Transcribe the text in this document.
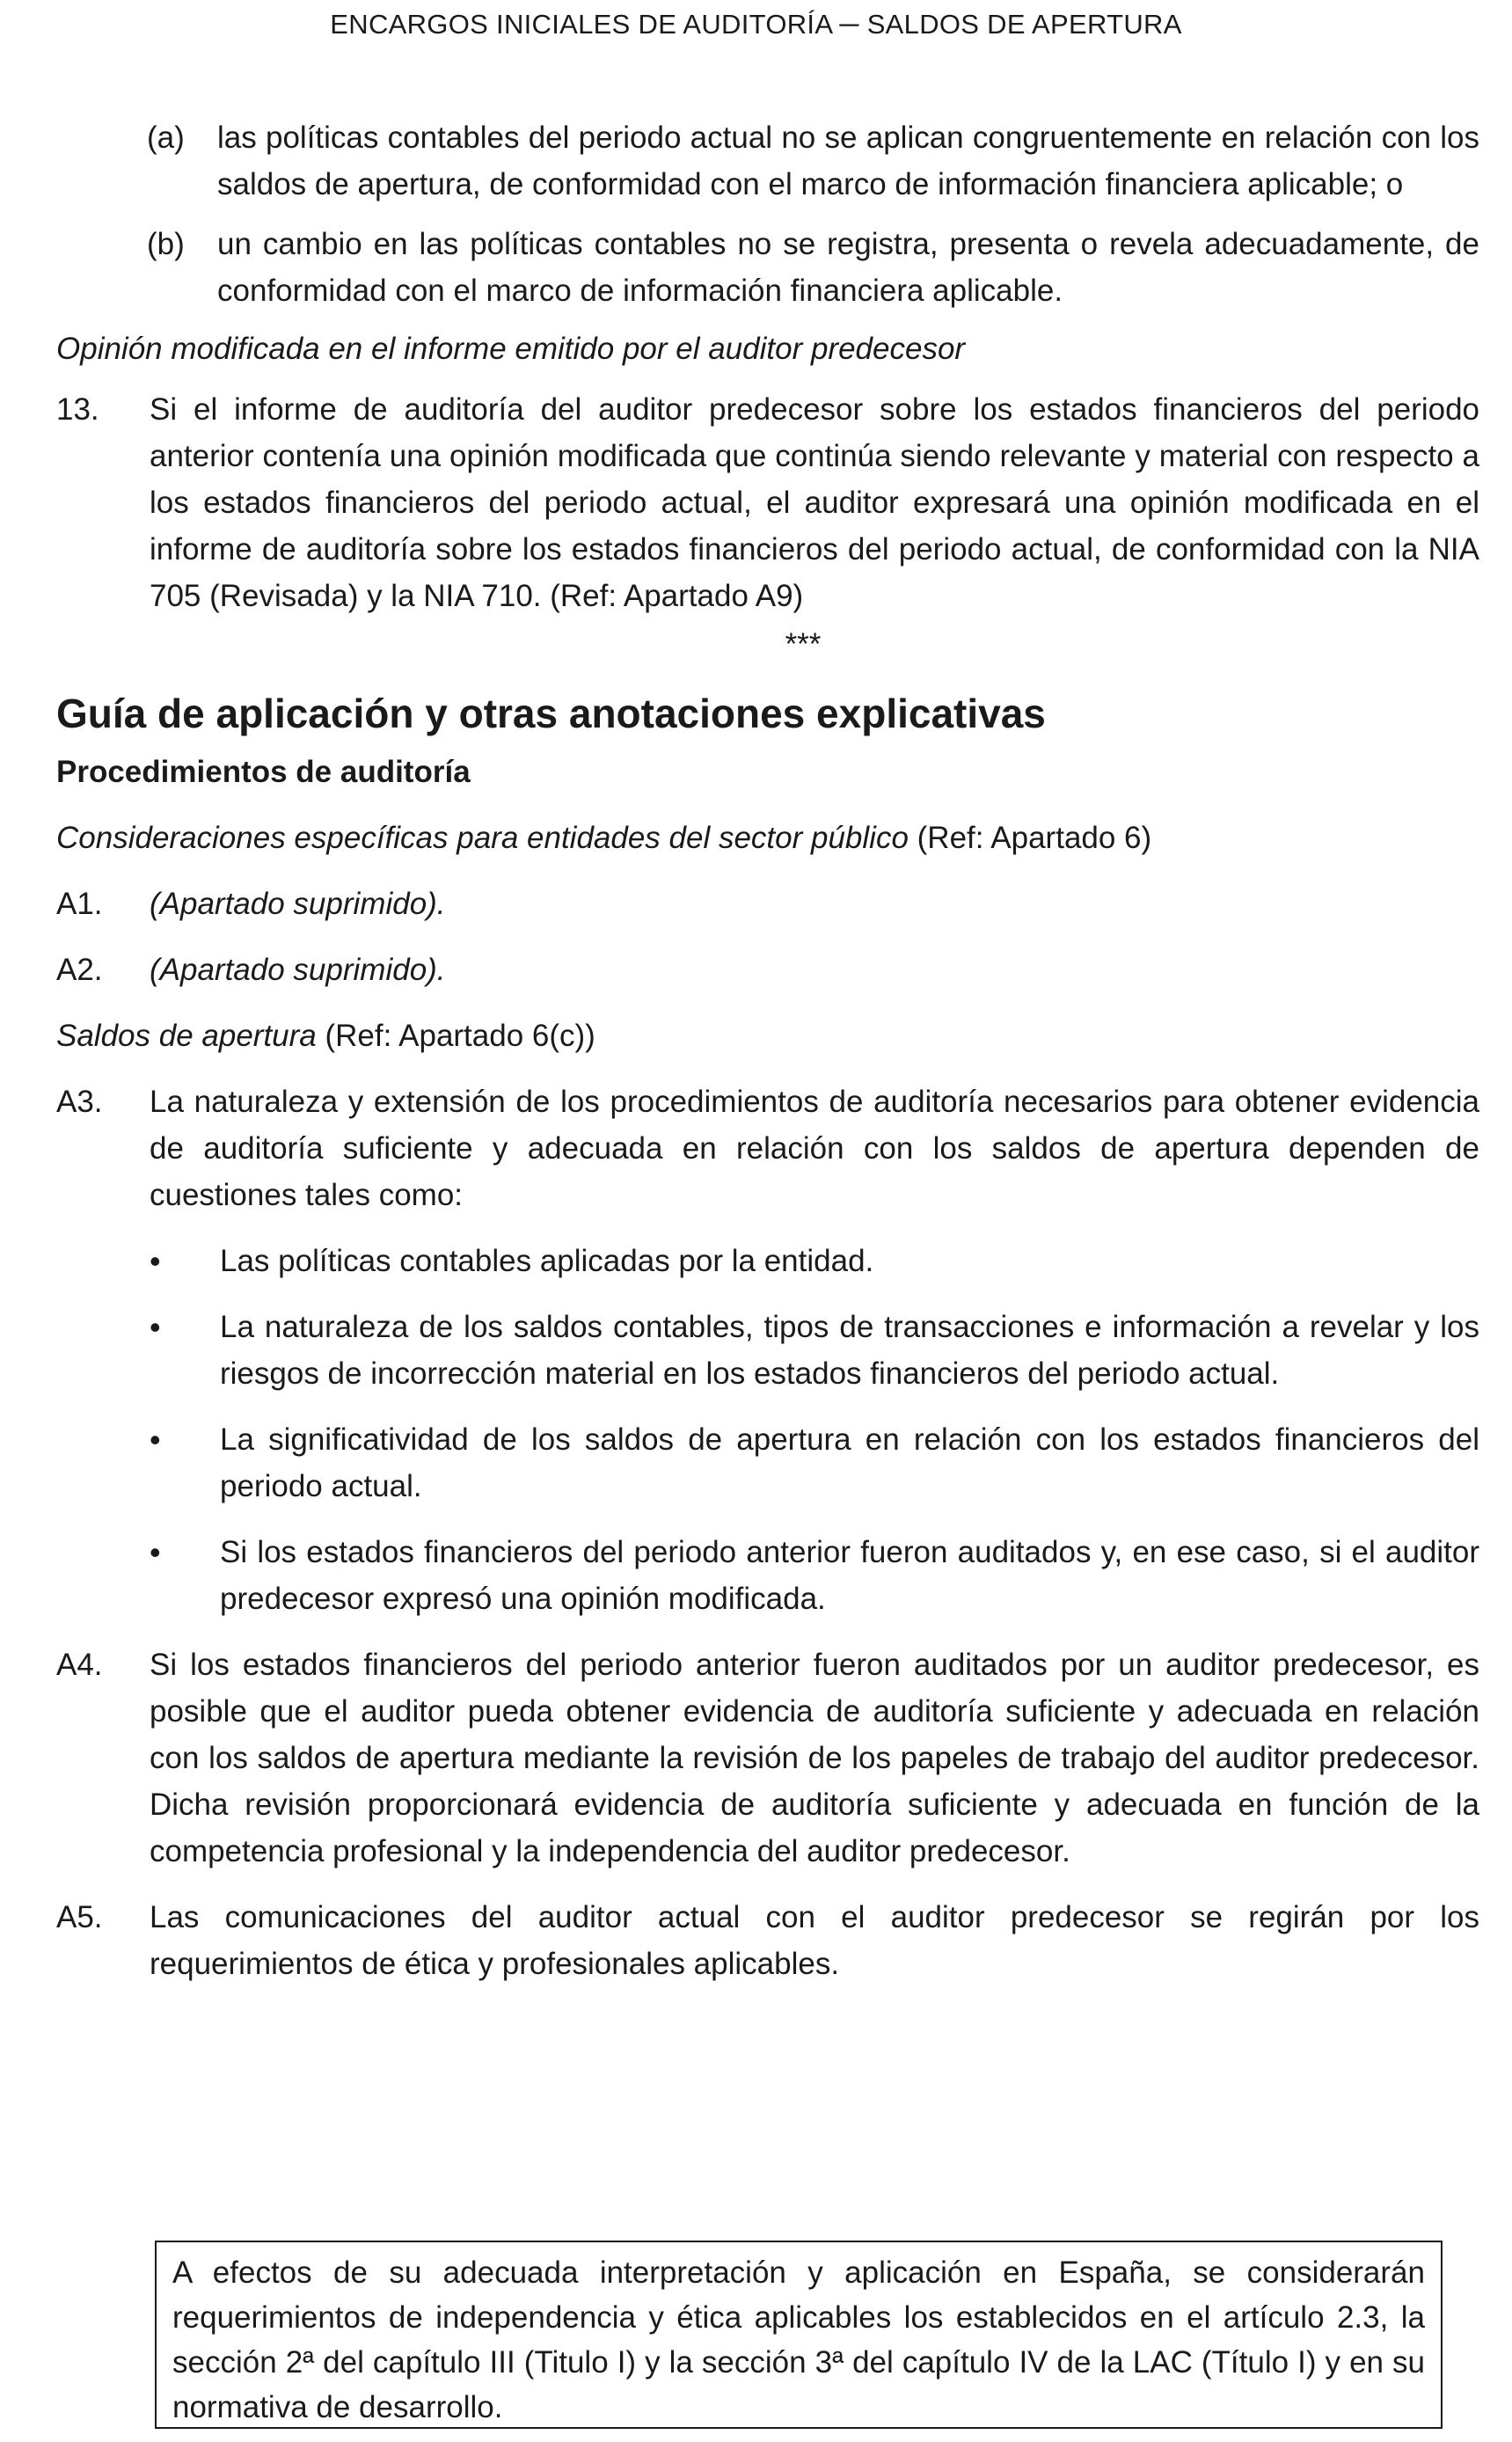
ENCARGOS INICIALES DE AUDITORÍA ─ SALDOS DE APERTURA
(a)	las políticas contables del periodo actual no se aplican congruentemente en relación con los saldos de apertura, de conformidad con el marco de información financiera aplicable; o
(b)	un cambio en las políticas contables no se registra, presenta o revela adecuadamente, de conformidad con el marco de información financiera aplicable.

Opinión modificada en el informe emitido por el auditor predecesor

13.	Si el informe de auditoría del auditor predecesor sobre los estados financieros del periodo anterior contenía una opinión modificada que continúa siendo relevante y material con respecto a los estados financieros del periodo actual, el auditor expresará una opinión modificada en el informe de auditoría sobre los estados financieros del periodo actual, de conformidad con la NIA 705 (Revisada) y la NIA 710. (Ref: Apartado A9)

***

Guía de aplicación y otras anotaciones explicativas

Procedimientos de auditoría

Consideraciones específicas para entidades del sector público (Ref: Apartado 6)

A1.	(Apartado suprimido).
A2.	(Apartado suprimido).

Saldos de apertura (Ref: Apartado 6(c))

A3.	La naturaleza y extensión de los procedimientos de auditoría necesarios para obtener evidencia de auditoría suficiente y adecuada en relación con los saldos de apertura dependen de cuestiones tales como:
•	Las políticas contables aplicadas por la entidad.
•	La naturaleza de los saldos contables, tipos de transacciones e información a revelar y los riesgos de incorrección material en los estados financieros del periodo actual.
•	La significatividad de los saldos de apertura en relación con los estados financieros del periodo actual.
•	Si los estados financieros del periodo anterior fueron auditados y, en ese caso, si el auditor predecesor expresó una opinión modificada.
A4.	Si los estados financieros del periodo anterior fueron auditados por un auditor predecesor, es posible que el auditor pueda obtener evidencia de auditoría suficiente y adecuada en relación con los saldos de apertura mediante la revisión de los papeles de trabajo del auditor predecesor. Dicha revisión proporcionará evidencia de auditoría suficiente y adecuada en función de la competencia profesional y la independencia del auditor predecesor.
A5.	Las comunicaciones del auditor actual con el auditor predecesor se regirán por los requerimientos de ética y profesionales aplicables.

A efectos de su adecuada interpretación y aplicación en España, se considerarán requerimientos de independencia y ética aplicables los establecidos en el artículo 2.3, la sección 2ª del capítulo III (Titulo I) y la sección 3ª del capítulo IV de la LAC (Título I) y en su normativa de desarrollo.
